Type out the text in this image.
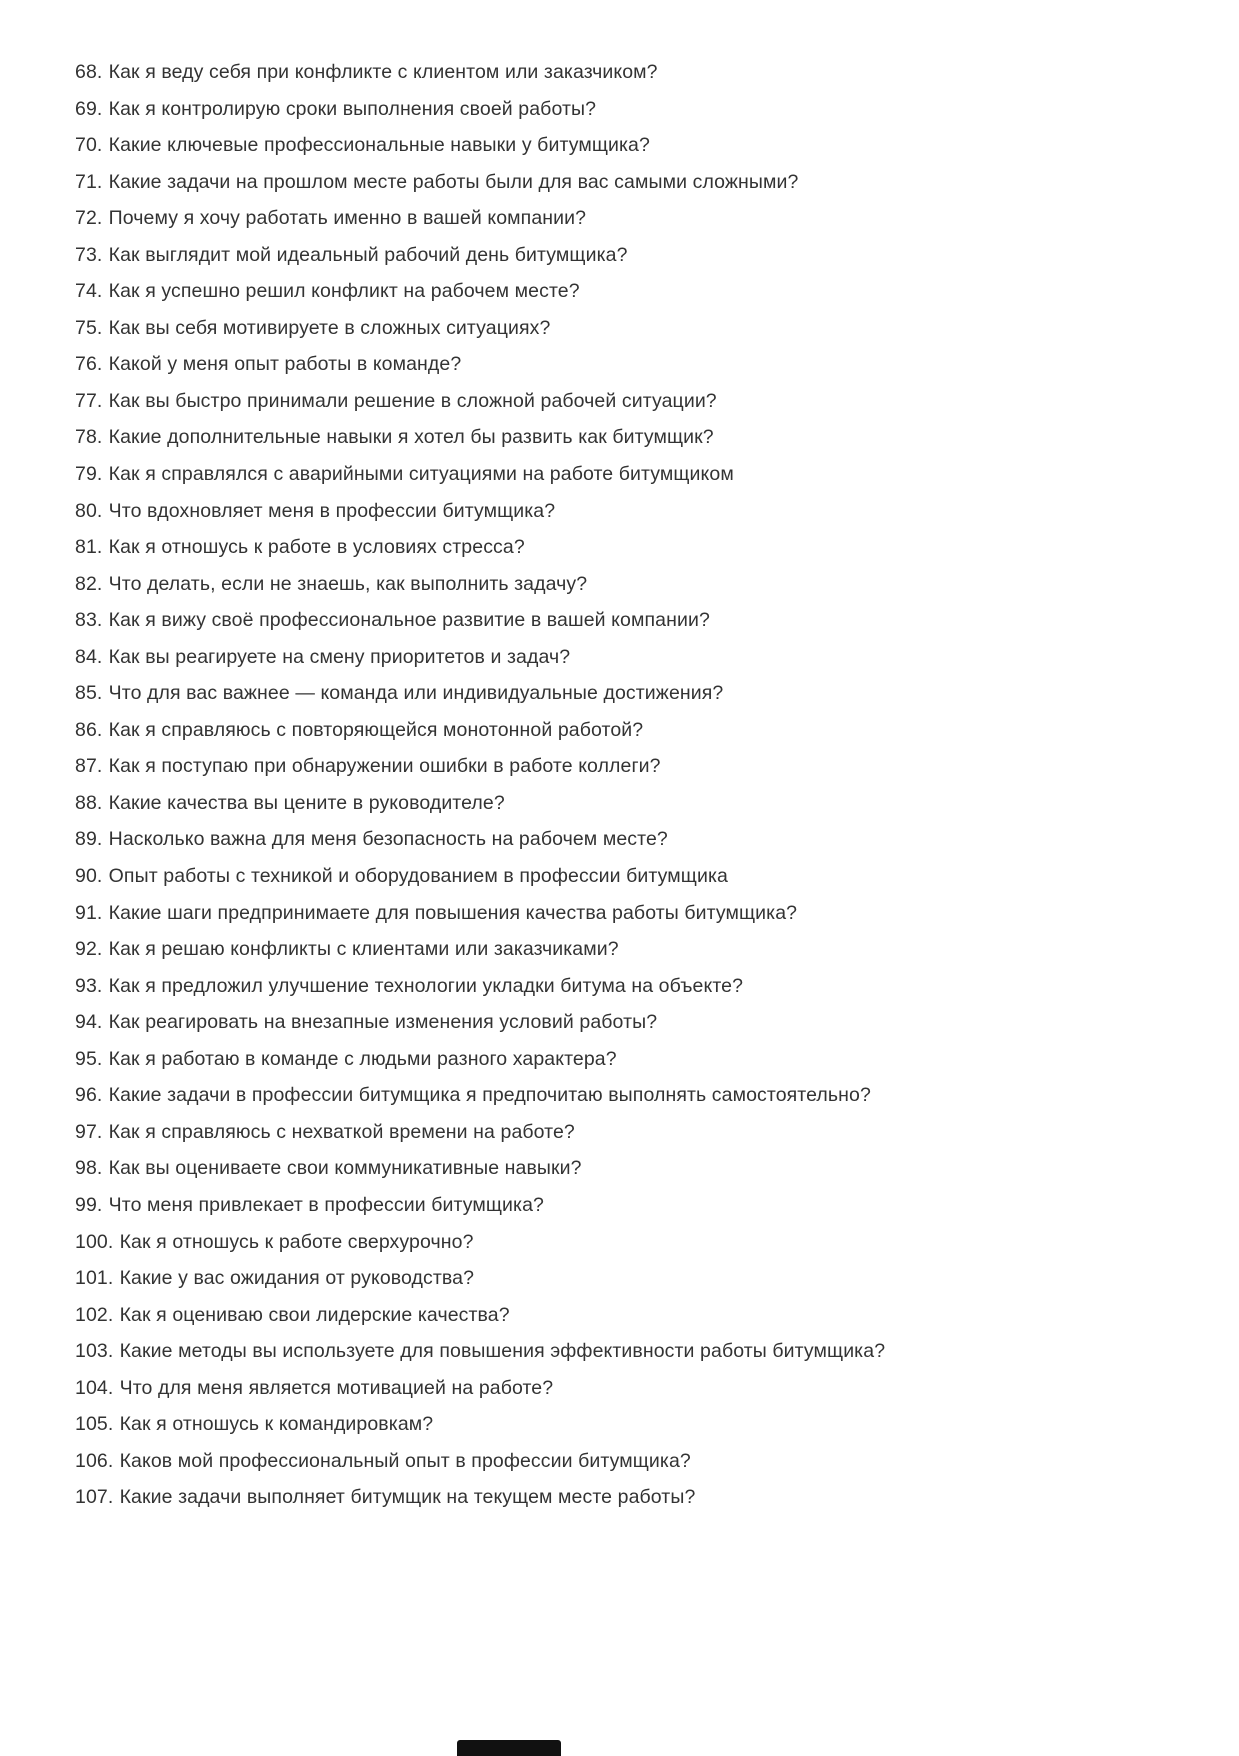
68. Как я веду себя при конфликте с клиентом или заказчиком?
69. Как я контролирую сроки выполнения своей работы?
70. Какие ключевые профессиональные навыки у битумщика?
71. Какие задачи на прошлом месте работы были для вас самыми сложными?
72. Почему я хочу работать именно в вашей компании?
73. Как выглядит мой идеальный рабочий день битумщика?
74. Как я успешно решил конфликт на рабочем месте?
75. Как вы себя мотивируете в сложных ситуациях?
76. Какой у меня опыт работы в команде?
77. Как вы быстро принимали решение в сложной рабочей ситуации?
78. Какие дополнительные навыки я хотел бы развить как битумщик?
79. Как я справлялся с аварийными ситуациями на работе битумщиком
80. Что вдохновляет меня в профессии битумщика?
81. Как я отношусь к работе в условиях стресса?
82. Что делать, если не знаешь, как выполнить задачу?
83. Как я вижу своё профессиональное развитие в вашей компании?
84. Как вы реагируете на смену приоритетов и задач?
85. Что для вас важнее — команда или индивидуальные достижения?
86. Как я справляюсь с повторяющейся монотонной работой?
87. Как я поступаю при обнаружении ошибки в работе коллеги?
88. Какие качества вы цените в руководителе?
89. Насколько важна для меня безопасность на рабочем месте?
90. Опыт работы с техникой и оборудованием в профессии битумщика
91. Какие шаги предпринимаете для повышения качества работы битумщика?
92. Как я решаю конфликты с клиентами или заказчиками?
93. Как я предложил улучшение технологии укладки битума на объекте?
94. Как реагировать на внезапные изменения условий работы?
95. Как я работаю в команде с людьми разного характера?
96. Какие задачи в профессии битумщика я предпочитаю выполнять самостоятельно?
97. Как я справляюсь с нехваткой времени на работе?
98. Как вы оцениваете свои коммуникативные навыки?
99. Что меня привлекает в профессии битумщика?
100. Как я отношусь к работе сверхурочно?
101. Какие у вас ожидания от руководства?
102. Как я оцениваю свои лидерские качества?
103. Какие методы вы используете для повышения эффективности работы битумщика?
104. Что для меня является мотивацией на работе?
105. Как я отношусь к командировкам?
106. Каков мой профессиональный опыт в профессии битумщика?
107. Какие задачи выполняет битумщик на текущем месте работы?
